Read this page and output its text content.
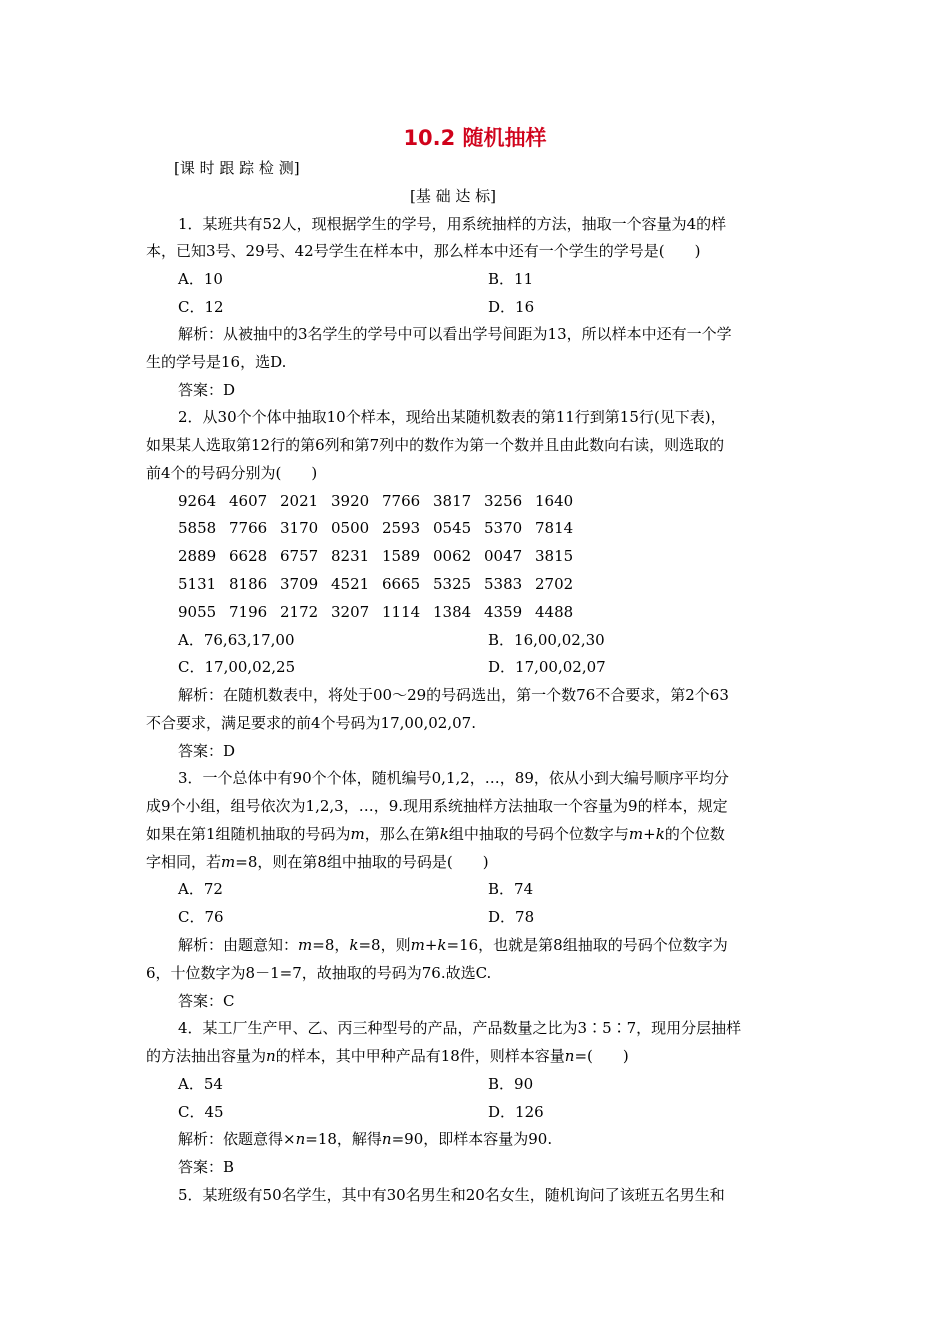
10.2 随机抽样
[课 时 跟 踪 检 测]
[基 础 达 标]
1．某班共有52人，现根据学生的学号，用系统抽样的方法，抽取一个容量为4的样
本，已知3号、29号、42号学生在样本中，那么样本中还有一个学生的学号是(　　)
A．10	B．11
C．12	D．16
解析：从被抽中的3名学生的学号中可以看出学号间距为13，所以样本中还有一个学
生的学号是16，选D.
答案：D
2．从30个个体中抽取10个样本，现给出某随机数表的第11行到第15行(见下表)，
如果某人选取第12行的第6列和第7列中的数作为第一个数并且由此数向右读，则选取的
前4个的号码分别为(　　)
9264 4607 2021 3920 7766 3817 3256 1640
5858 7766 3170 0500 2593 0545 5370 7814
2889 6628 6757 8231 1589 0062 0047 3815
5131 8186 3709 4521 6665 5325 5383 2702
9055 7196 2172 3207 1114 1384 4359 4488
A．76,63,17,00	B．16,00,02,30
C．17,00,02,25	D．17,00,02,07
解析：在随机数表中，将处于00～29的号码选出，第一个数76不合要求，第2个63
不合要求，满足要求的前4个号码为17,00,02,07.
答案：D
3．一个总体中有90个个体，随机编号0,1,2，…，89，依从小到大编号顺序平均分
成9个小组，组号依次为1,2,3，…，9.现用系统抽样方法抽取一个容量为9的样本，规定
如果在第1组随机抽取的号码为m，那么在第k组中抽取的号码个位数字与m+k的个位数
字相同，若m=8，则在第8组中抽取的号码是(　　)
A．72	B．74
C．76	D．78
解析：由题意知：m=8，k=8，则m+k=16，也就是第8组抽取的号码个位数字为
6，十位数字为8－1=7，故抽取的号码为76.故选C.
答案：C
4．某工厂生产甲、乙、丙三种型号的产品，产品数量之比为3∶5∶7，现用分层抽样
的方法抽出容量为n的样本，其中甲种产品有18件，则样本容量n=(　　)
A．54	B．90
C．45	D．126
解析：依题意得×n=18，解得n=90，即样本容量为90.
答案：B
5．某班级有50名学生，其中有30名男生和20名女生，随机询问了该班五名男生和
